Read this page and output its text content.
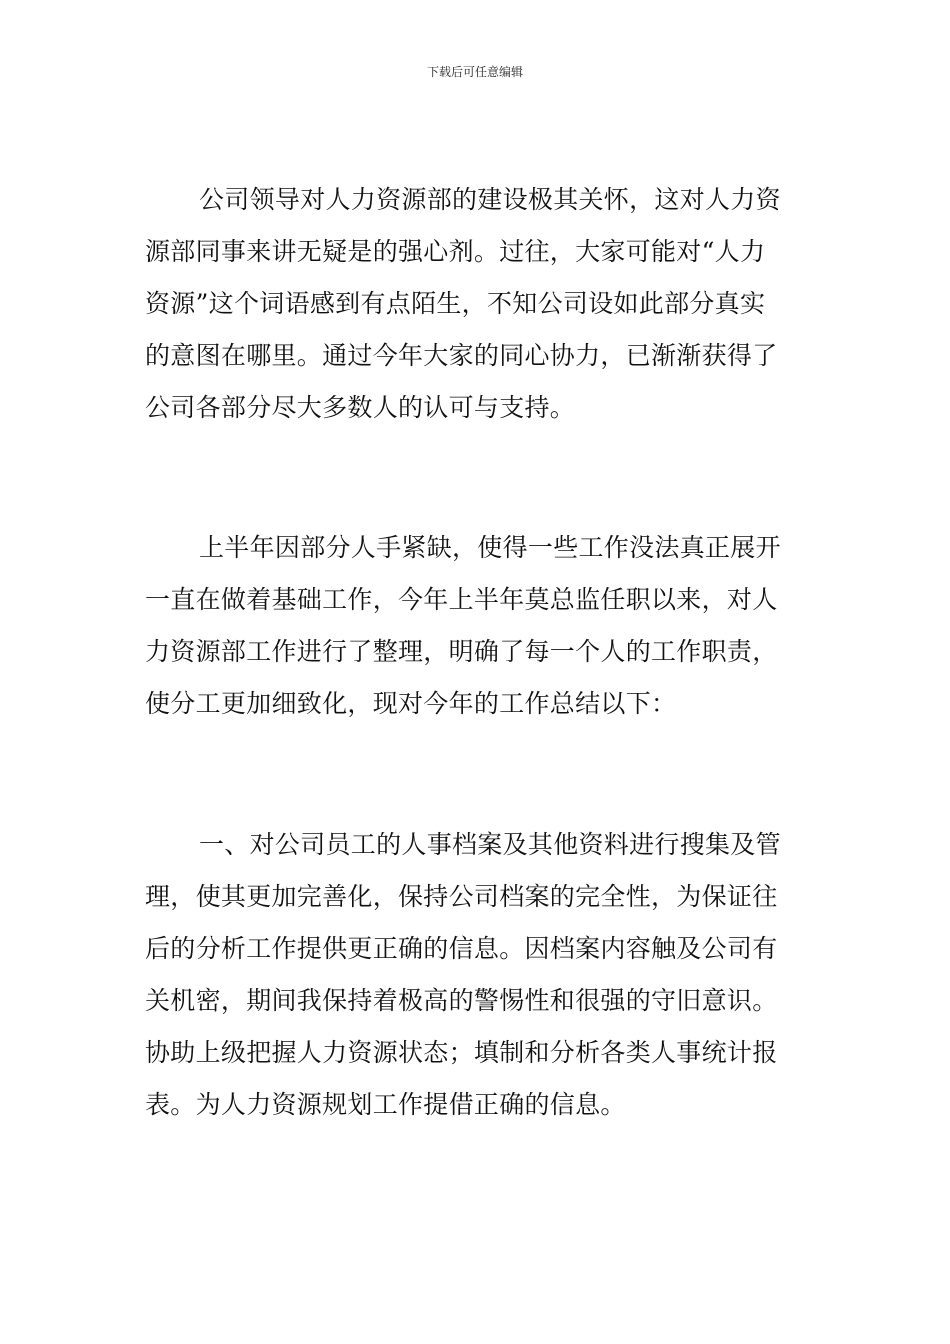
下载后可任意编辑
公司领导对人力资源部的建设极其关怀，这对人力资
源部同事来讲无疑是的强心剂。过往，大家可能对“人力
资源”这个词语感到有点陌生，不知公司设如此部分真实
的意图在哪里。通过今年大家的同心协力，已渐渐获得了
公司各部分尽大多数人的认可与支持。
上半年因部分人手紧缺，使得一些工作没法真正展开
一直在做着基础工作，今年上半年莫总监任职以来，对人
力资源部工作进行了整理，明确了每一个人的工作职责，
使分工更加细致化，现对今年的工作总结以下：
一、对公司员工的人事档案及其他资料进行搜集及管
理，使其更加完善化，保持公司档案的完全性，为保证往
后的分析工作提供更正确的信息。因档案内容触及公司有
关机密，期间我保持着极高的警惕性和很强的守旧意识。
协助上级把握人力资源状态；填制和分析各类人事统计报
表。为人力资源规划工作提借正确的信息。
